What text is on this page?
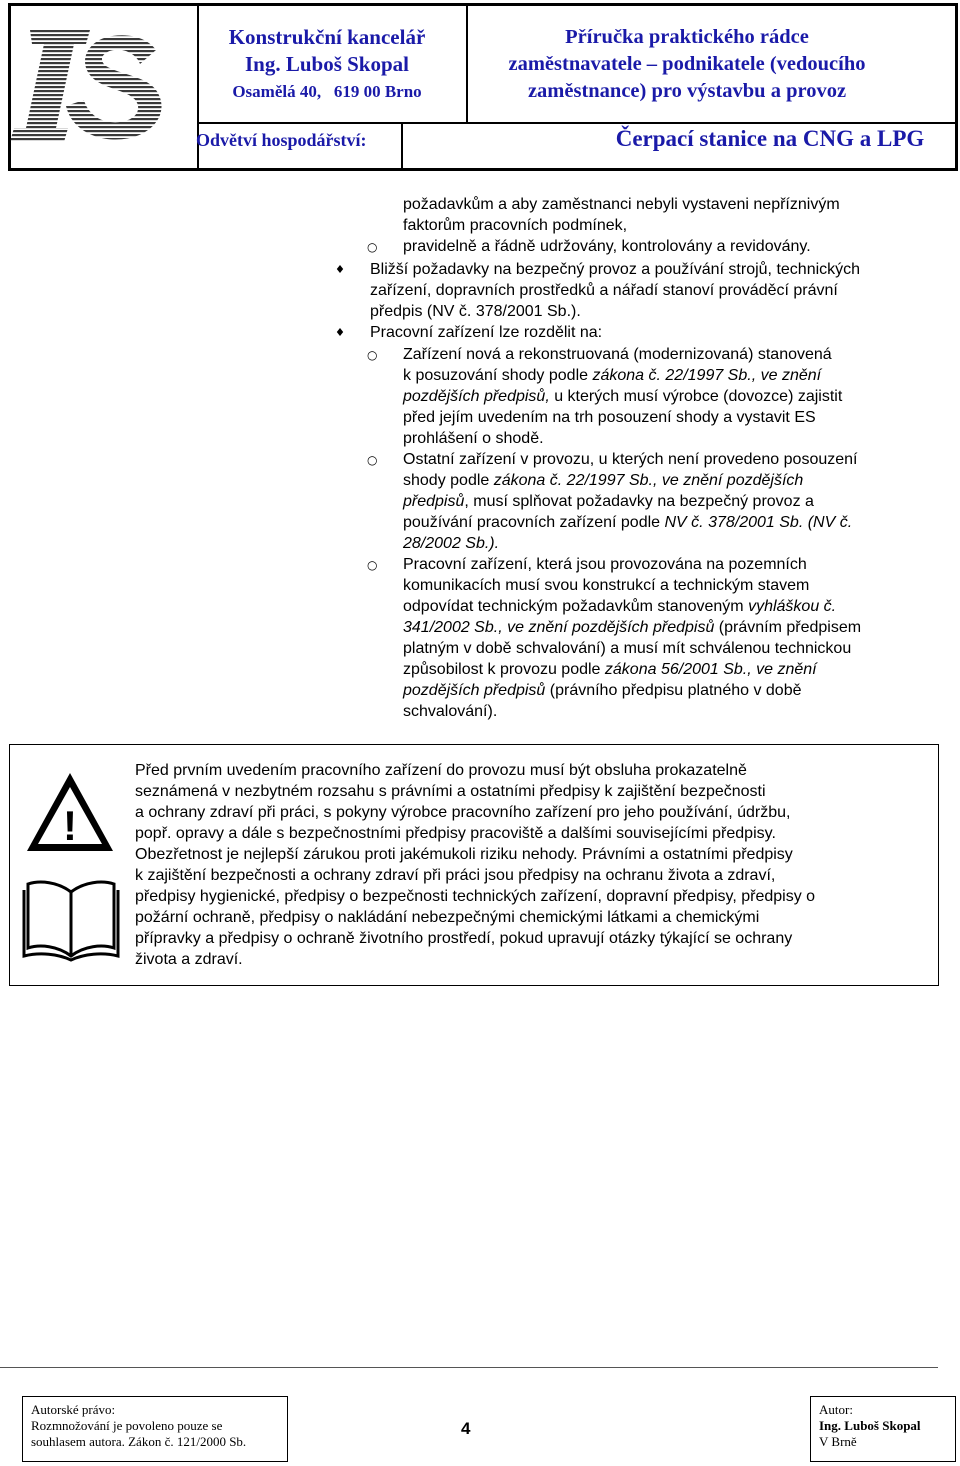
Konstrukční kancelář
Ing. Luboš Skopal
Osamělá 40,   619 00 Brno
Příručka praktického rádce
zaměstnavatele – podnikatele (vedoucího
zaměstnance) pro výstavbu a provoz
Odvětví hospodářství:	Čerpací stanice na CNG a LPG
požadavkům a aby zaměstnanci nebyli vystaveni nepříznivým
faktorům pracovních podmínek,
○ pravidelně a řádně udržovány, kontrolovány a revidovány.
Bližší požadavky na bezpečný provoz a používání strojů, technických
zařízení, dopravních prostředků a nářadí stanoví prováděcí právní
předpis (NV č. 378/2001 Sb.).
Pracovní zařízení lze rozdělit na:
○ Zařízení nová a rekonstruovaná (modernizovaná) stanovená
k posuzování shody podle zákona č. 22/1997 Sb., ve znění
pozdějších předpisů, u kterých musí výrobce (dovozce) zajistit
před jejím uvedením na trh posouzení shody a vystavit ES
prohlášení o shodě.
○ Ostatní zařízení v provozu, u kterých není provedeno posouzení
shody podle zákona č. 22/1997 Sb., ve znění pozdějších
předpisů, musí splňovat požadavky na bezpečný provoz a
používání pracovních zařízení podle NV č. 378/2001 Sb. (NV č.
28/2002 Sb.).
○ Pracovní zařízení, která jsou provozována na pozemních
komunikacích musí svou konstrukcí a technickým stavem
odpovídat technickým požadavkům stanoveným vyhláškou č.
341/2002 Sb., ve znění pozdějších předpisů (právním předpisem
platným v době schvalování) a musí mít schválenou technickou
způsobilost k provozu podle zákona 56/2001 Sb., ve znění
pozdějších předpisů (právního předpisu platného v době
schvalování).
!
Před prvním uvedením pracovního zařízení do provozu musí být obsluha prokazatelně
seznámená v nezbytném rozsahu s právními a ostatními předpisy k zajištění bezpečnosti
a ochrany zdraví při práci, s pokyny výrobce pracovního zařízení pro jeho používání, údržbu,
popř. opravy a dále s bezpečnostními předpisy pracoviště a dalšími souvisejícími předpisy.
Obezřetnost je nejlepší zárukou proti jakémukoli riziku nehody. Právními a ostatními předpisy
k zajištění bezpečnosti a ochrany zdraví při práci jsou předpisy na ochranu života a zdraví,
předpisy hygienické, předpisy o bezpečnosti technických zařízení, dopravní předpisy, předpisy o
požární ochraně, předpisy o nakládání nebezpečnými chemickými látkami a chemickými
přípravky a předpisy o ochraně životního prostředí, pokud upravují otázky týkající se ochrany
života a zdraví.
Autorské právo:
Rozmnožování je povoleno pouze se
souhlasem autora. Zákon č. 121/2000 Sb.
4
Autor:
Ing. Luboš Skopal
V Brně
